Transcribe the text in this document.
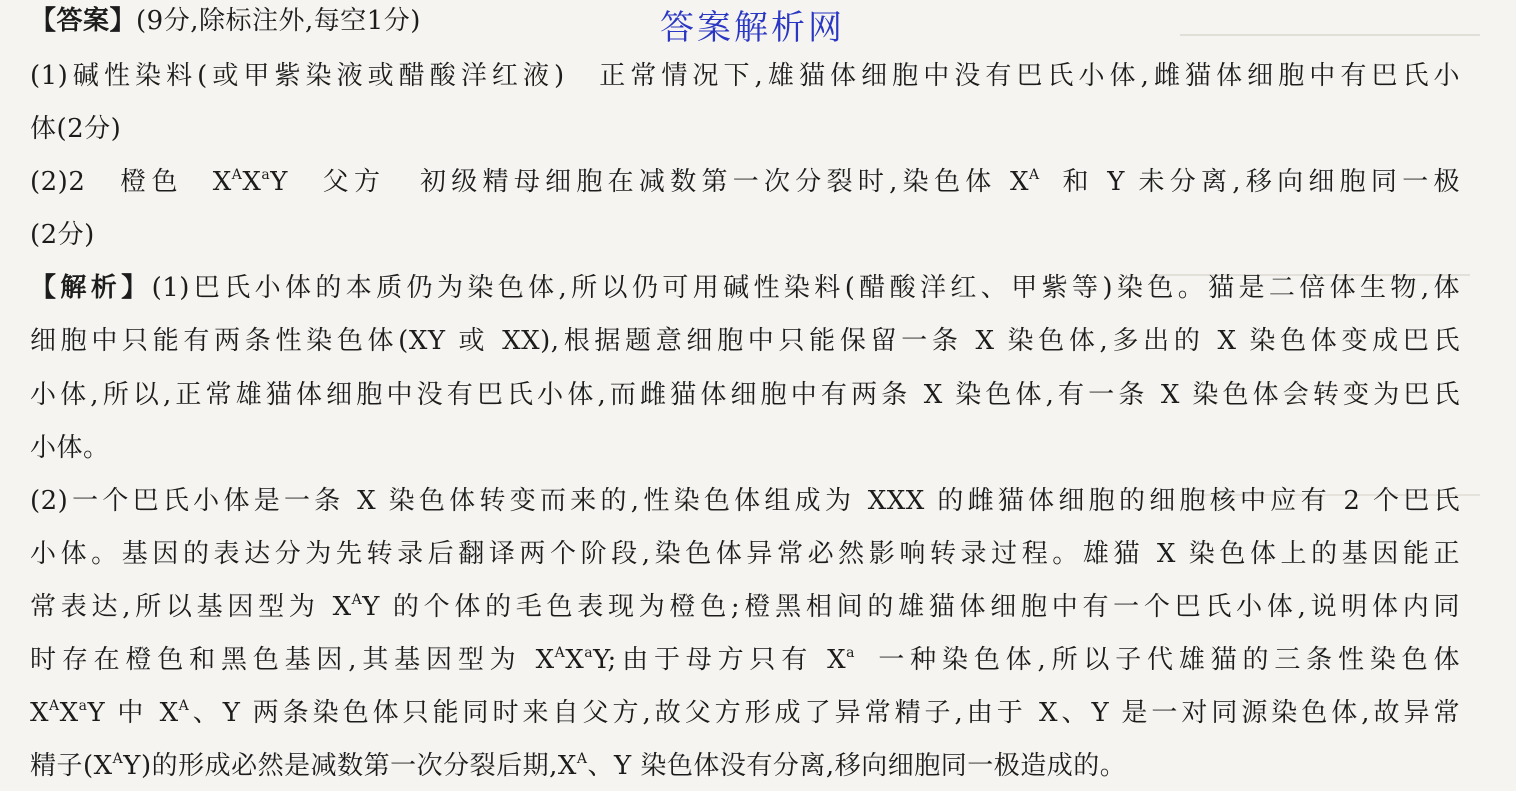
答案解析网
【答案】(9分,除标注外,每空1分)
(1)碱性染料(或甲紫染液或醋酸洋红液) 正常情况下,雄猫体细胞中没有巴氏小体,雌猫体细胞中有巴氏小
体(2分)
(2)2 橙色 $X^AX^aY$ 父方 初级精母细胞在减数第一次分裂时,染色体 $X^A$ 和 Y 未分离,移向细胞同一极
(2分)
【解析】(1)巴氏小体的本质仍为染色体,所以仍可用碱性染料(醋酸洋红、甲紫等)染色。猫是二倍体生物,体
细胞中只能有两条性染色体(XY 或 XX),根据题意细胞中只能保留一条 X 染色体,多出的 X 染色体变成巴氏
小体,所以,正常雄猫体细胞中没有巴氏小体,而雌猫体细胞中有两条 X 染色体,有一条 X 染色体会转变为巴氏
小体。
(2)一个巴氏小体是一条 X 染色体转变而来的,性染色体组成为 XXX 的雌猫体细胞的细胞核中应有 2 个巴氏
小体。基因的表达分为先转录后翻译两个阶段,染色体异常必然影响转录过程。雄猫 X 染色体上的基因能正
常表达,所以基因型为 $X^AY$ 的个体的毛色表现为橙色;橙黑相间的雄猫体细胞中有一个巴氏小体,说明体内同
时存在橙色和黑色基因,其基因型为 $X^AX^aY$;由于母方只有 $X^a$ 一种染色体,所以子代雄猫的三条性染色体
$X^AX^aY$ 中 $X^A$、Y 两条染色体只能同时来自父方,故父方形成了异常精子,由于 X、Y 是一对同源染色体,故异常
精子$(X^AY)$的形成必然是减数第一次分裂后期$,X^A$、Y 染色体没有分离,移向细胞同一极造成的。
